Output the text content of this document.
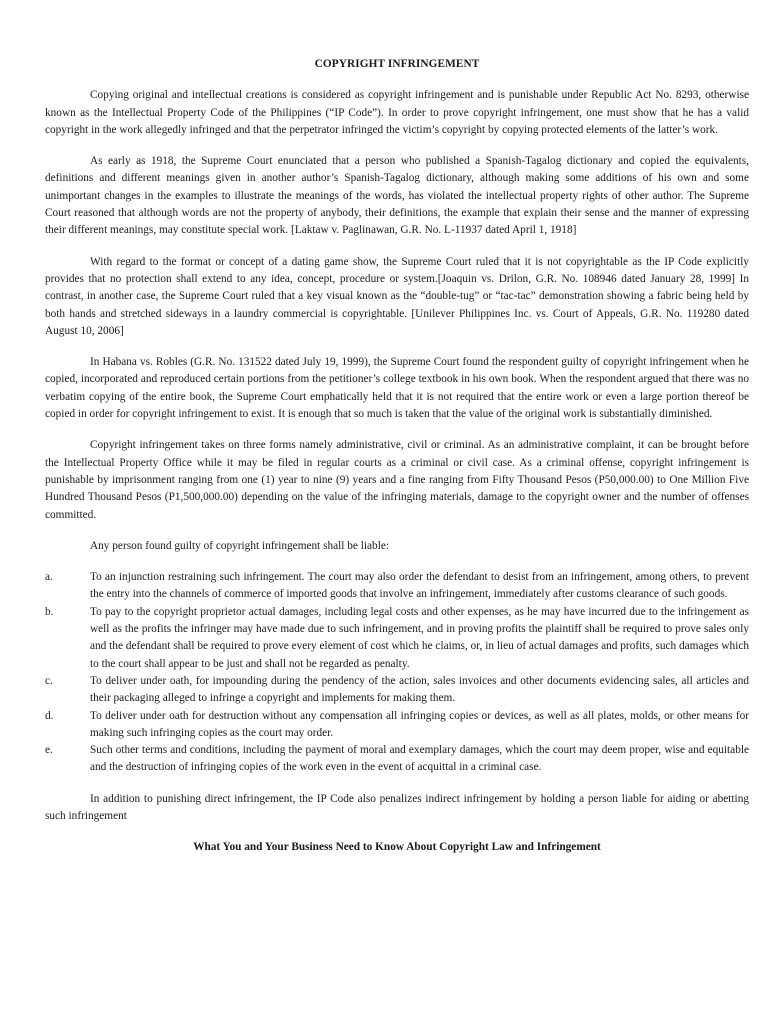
COPYRIGHT INFRINGEMENT

Copying original and intellectual creations is considered as copyright infringement and is punishable under Republic Act No. 8293, otherwise known as the Intellectual Property Code of the Philippines (“IP Code”). In order to prove copyright infringement, one must show that he has a valid copyright in the work allegedly infringed and that the perpetrator infringed the victim’s copyright by copying protected elements of the latter’s work.

As early as 1918, the Supreme Court enunciated that a person who published a Spanish-Tagalog dictionary and copied the equivalents, definitions and different meanings given in another author’s Spanish-Tagalog dictionary, although making some additions of his own and some unimportant changes in the examples to illustrate the meanings of the words, has violated the intellectual property rights of other author. The Supreme Court reasoned that although words are not the property of anybody, their definitions, the example that explain their sense and the manner of expressing their different meanings, may constitute special work. [Laktaw v. Paglinawan, G.R. No. L-11937 dated April 1, 1918]

With regard to the format or concept of a dating game show, the Supreme Court ruled that it is not copyrightable as the IP Code explicitly provides that no protection shall extend to any idea, concept, procedure or system.[Joaquin vs. Drilon, G.R. No. 108946 dated January 28, 1999] In contrast, in another case, the Supreme Court ruled that a key visual known as the “double-tug” or “tac-tac” demonstration showing a fabric being held by both hands and stretched sideways in a laundry commercial is copyrightable. [Unilever Philippines Inc. vs. Court of Appeals, G.R. No. 119280 dated August 10, 2006]

In Habana vs. Robles (G.R. No. 131522 dated July 19, 1999), the Supreme Court found the respondent guilty of copyright infringement when he copied, incorporated and reproduced certain portions from the petitioner’s college textbook in his own book. When the respondent argued that there was no verbatim copying of the entire book, the Supreme Court emphatically held that it is not required that the entire work or even a large portion thereof be copied in order for copyright infringement to exist. It is enough that so much is taken that the value of the original work is substantially diminished.

Copyright infringement takes on three forms namely administrative, civil or criminal. As an administrative complaint, it can be brought before the Intellectual Property Office while it may be filed in regular courts as a criminal or civil case. As a criminal offense, copyright infringement is punishable by imprisonment ranging from one (1) year to nine (9) years and a fine ranging from Fifty Thousand Pesos (P50,000.00) to One Million Five Hundred Thousand Pesos (P1,500,000.00) depending on the value of the infringing materials, damage to the copyright owner and the number of offenses committed.

Any person found guilty of copyright infringement shall be liable:

a.	To an injunction restraining such infringement. The court may also order the defendant to desist from an infringement, among others, to prevent the entry into the channels of commerce of imported goods that involve an infringement, immediately after customs clearance of such goods.
b.	To pay to the copyright proprietor actual damages, including legal costs and other expenses, as he may have incurred due to the infringement as well as the profits the infringer may have made due to such infringement, and in proving profits the plaintiff shall be required to prove sales only and the defendant shall be required to prove every element of cost which he claims, or, in lieu of actual damages and profits, such damages which to the court shall appear to be just and shall not be regarded as penalty.
c.	To deliver under oath, for impounding during the pendency of the action, sales invoices and other documents evidencing sales, all articles and their packaging alleged to infringe a copyright and implements for making them.
d.	To deliver under oath for destruction without any compensation all infringing copies or devices, as well as all plates, molds, or other means for making such infringing copies as the court may order.
e.	Such other terms and conditions, including the payment of moral and exemplary damages, which the court may deem proper, wise and equitable and the destruction of infringing copies of the work even in the event of acquittal in a criminal case.

In addition to punishing direct infringement, the IP Code also penalizes indirect infringement by holding a person liable for aiding or abetting such infringement

What You and Your Business Need to Know About Copyright Law and Infringement
